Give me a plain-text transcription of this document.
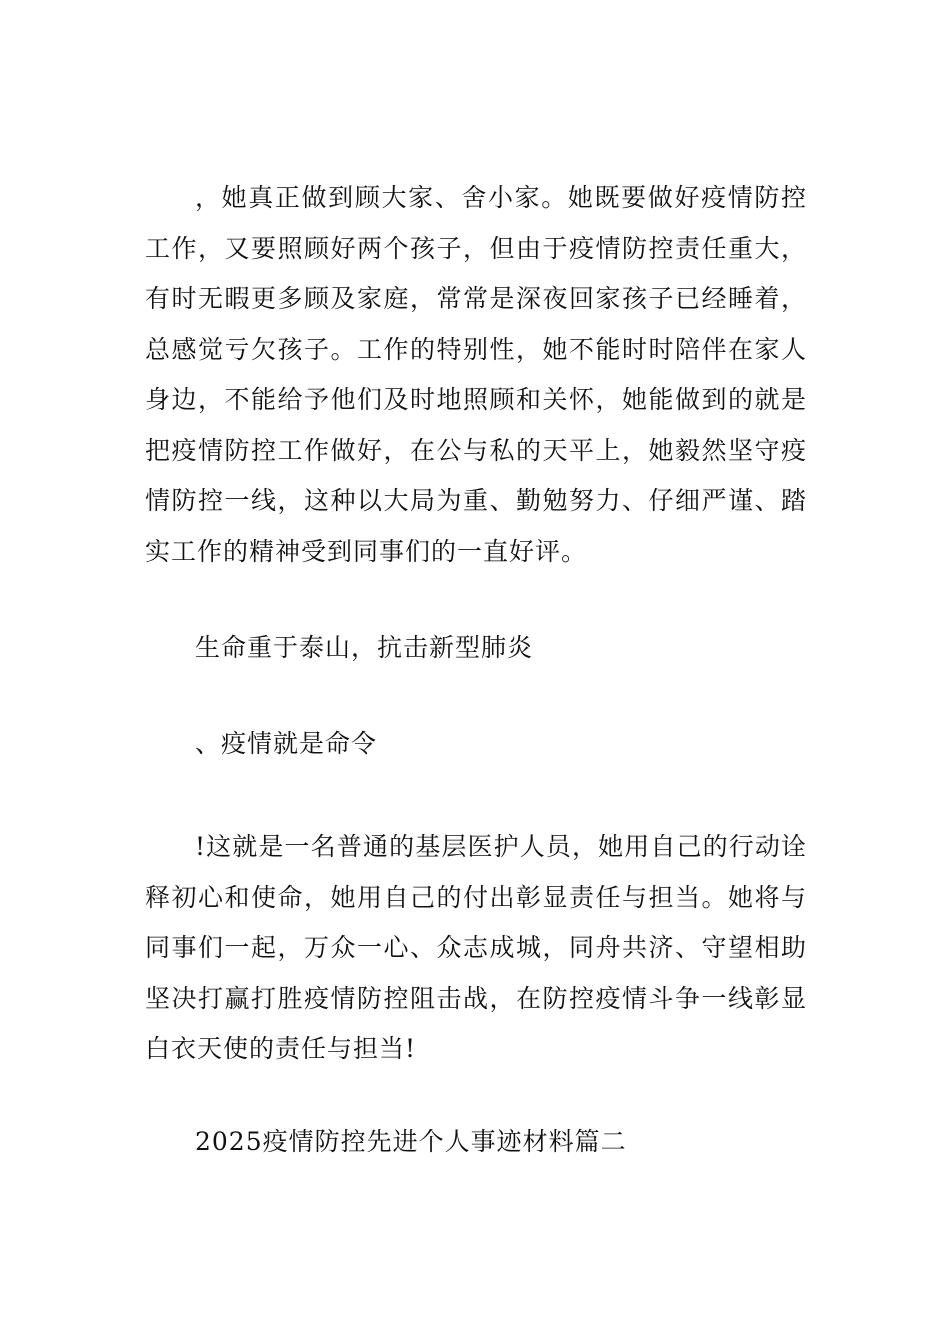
，她真正做到顾大家、舍小家。她既要做好疫情防控工作，又要照顾好两个孩子，但由于疫情防控责任重大，有时无暇更多顾及家庭，常常是深夜回家孩子已经睡着，总感觉亏欠孩子。工作的特别性，她不能时时陪伴在家人身边，不能给予他们及时地照顾和关怀，她能做到的就是把疫情防控工作做好，在公与私的天平上，她毅然坚守疫情防控一线，这种以大局为重、勤勉努力、仔细严谨、踏实工作的精神受到同事们的一直好评。

生命重于泰山，抗击新型肺炎

、疫情就是命令

!这就是一名普通的基层医护人员，她用自己的行动诠释初心和使命，她用自己的付出彰显责任与担当。她将与同事们一起，万众一心、众志成城，同舟共济、守望相助坚决打赢打胜疫情防控阻击战，在防控疫情斗争一线彰显白衣天使的责任与担当!

2025疫情防控先进个人事迹材料篇二
